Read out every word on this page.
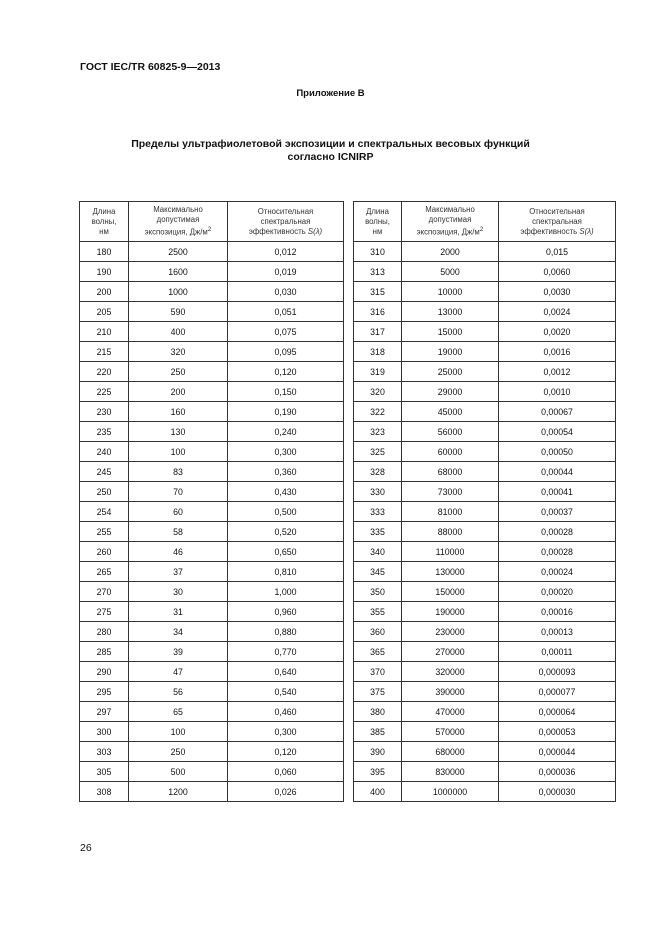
ГОСТ IEC/TR 60825-9—2013
Приложение В
Пределы ультрафиолетовой экспозиции и спектральных весовых функций
согласно ICNIRP
Длина
волны,
нм	Максимально
допустимая
экспозиция, $Дж/м^2$	Относительная
спектральная
эффективность S(λ)		Длина
волны,
нм	Максимально
допустимая
экспозиция, $Дж/м^2$	Относительная
спектральная
эффективность S(λ)
180	2500	0,012		310	2000	0,015
190	1600	0,019		313	5000	0,0060
200	1000	0,030		315	10000	0,0030
205	590	0,051		316	13000	0,0024
210	400	0,075		317	15000	0,0020
215	320	0,095		318	19000	0,0016
220	250	0,120		319	25000	0,0012
225	200	0,150		320	29000	0,0010
230	160	0,190		322	45000	0,00067
235	130	0,240		323	56000	0,00054
240	100	0,300		325	60000	0,00050
245	83	0,360		328	68000	0,00044
250	70	0,430		330	73000	0,00041
254	60	0,500		333	81000	0,00037
255	58	0,520		335	88000	0,00028
260	46	0,650		340	110000	0,00028
265	37	0,810		345	130000	0,00024
270	30	1,000		350	150000	0,00020
275	31	0,960		355	190000	0,00016
280	34	0,880		360	230000	0,00013
285	39	0,770		365	270000	0,00011
290	47	0,640		370	320000	0,000093
295	56	0,540		375	390000	0,000077
297	65	0,460		380	470000	0,000064
300	100	0,300		385	570000	0,000053
303	250	0,120		390	680000	0,000044
305	500	0,060		395	830000	0,000036
308	1200	0,026		400	1000000	0,000030
26
